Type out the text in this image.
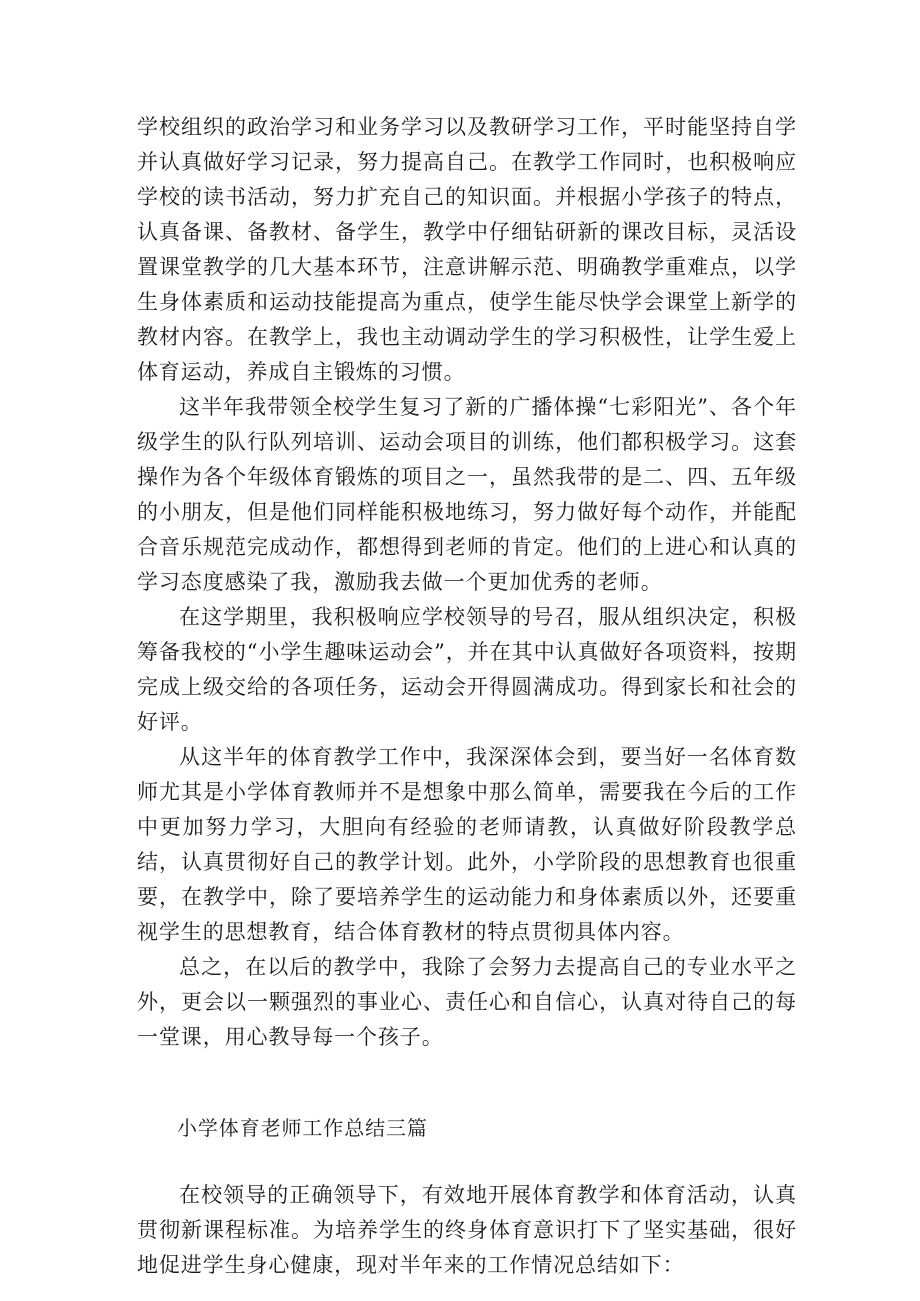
学校组织的政治学习和业务学习以及教研学习工作，平时能坚持自学并认真做好学习记录，努力提高自己。在教学工作同时，也积极响应学校的读书活动，努力扩充自己的知识面。并根据小学孩子的特点，认真备课、备教材、备学生，教学中仔细钻研新的课改目标，灵活设置课堂教学的几大基本环节，注意讲解示范、明确教学重难点，以学生身体素质和运动技能提高为重点，使学生能尽快学会课堂上新学的教材内容。在教学上，我也主动调动学生的学习积极性，让学生爱上体育运动，养成自主锻炼的习惯。

这半年我带领全校学生复习了新的广播体操“七彩阳光”、各个年级学生的队行队列培训、运动会项目的训练，他们都积极学习。这套操作为各个年级体育锻炼的项目之一，虽然我带的是二、四、五年级的小朋友，但是他们同样能积极地练习，努力做好每个动作，并能配合音乐规范完成动作，都想得到老师的肯定。他们的上进心和认真的学习态度感染了我，激励我去做一个更加优秀的老师。

在这学期里，我积极响应学校领导的号召，服从组织决定，积极筹备我校的“小学生趣味运动会”，并在其中认真做好各项资料，按期完成上级交给的各项任务，运动会开得圆满成功。得到家长和社会的好评。

从这半年的体育教学工作中，我深深体会到，要当好一名体育数师尤其是小学体育教师并不是想象中那么简单，需要我在今后的工作中更加努力学习，大胆向有经验的老师请教，认真做好阶段教学总结，认真贯彻好自己的教学计划。此外，小学阶段的思想教育也很重要，在教学中，除了要培养学生的运动能力和身体素质以外，还要重视学生的思想教育，结合体育教材的特点贯彻具体内容。

总之，在以后的教学中，我除了会努力去提高自己的专业水平之外，更会以一颗强烈的事业心、责任心和自信心，认真对待自己的每一堂课，用心教导每一个孩子。

小学体育老师工作总结三篇

在校领导的正确领导下，有效地开展体育教学和体育活动，认真贯彻新课程标准。为培养学生的终身体育意识打下了坚实基础，很好地促进学生身心健康，现对半年来的工作情况总结如下：
